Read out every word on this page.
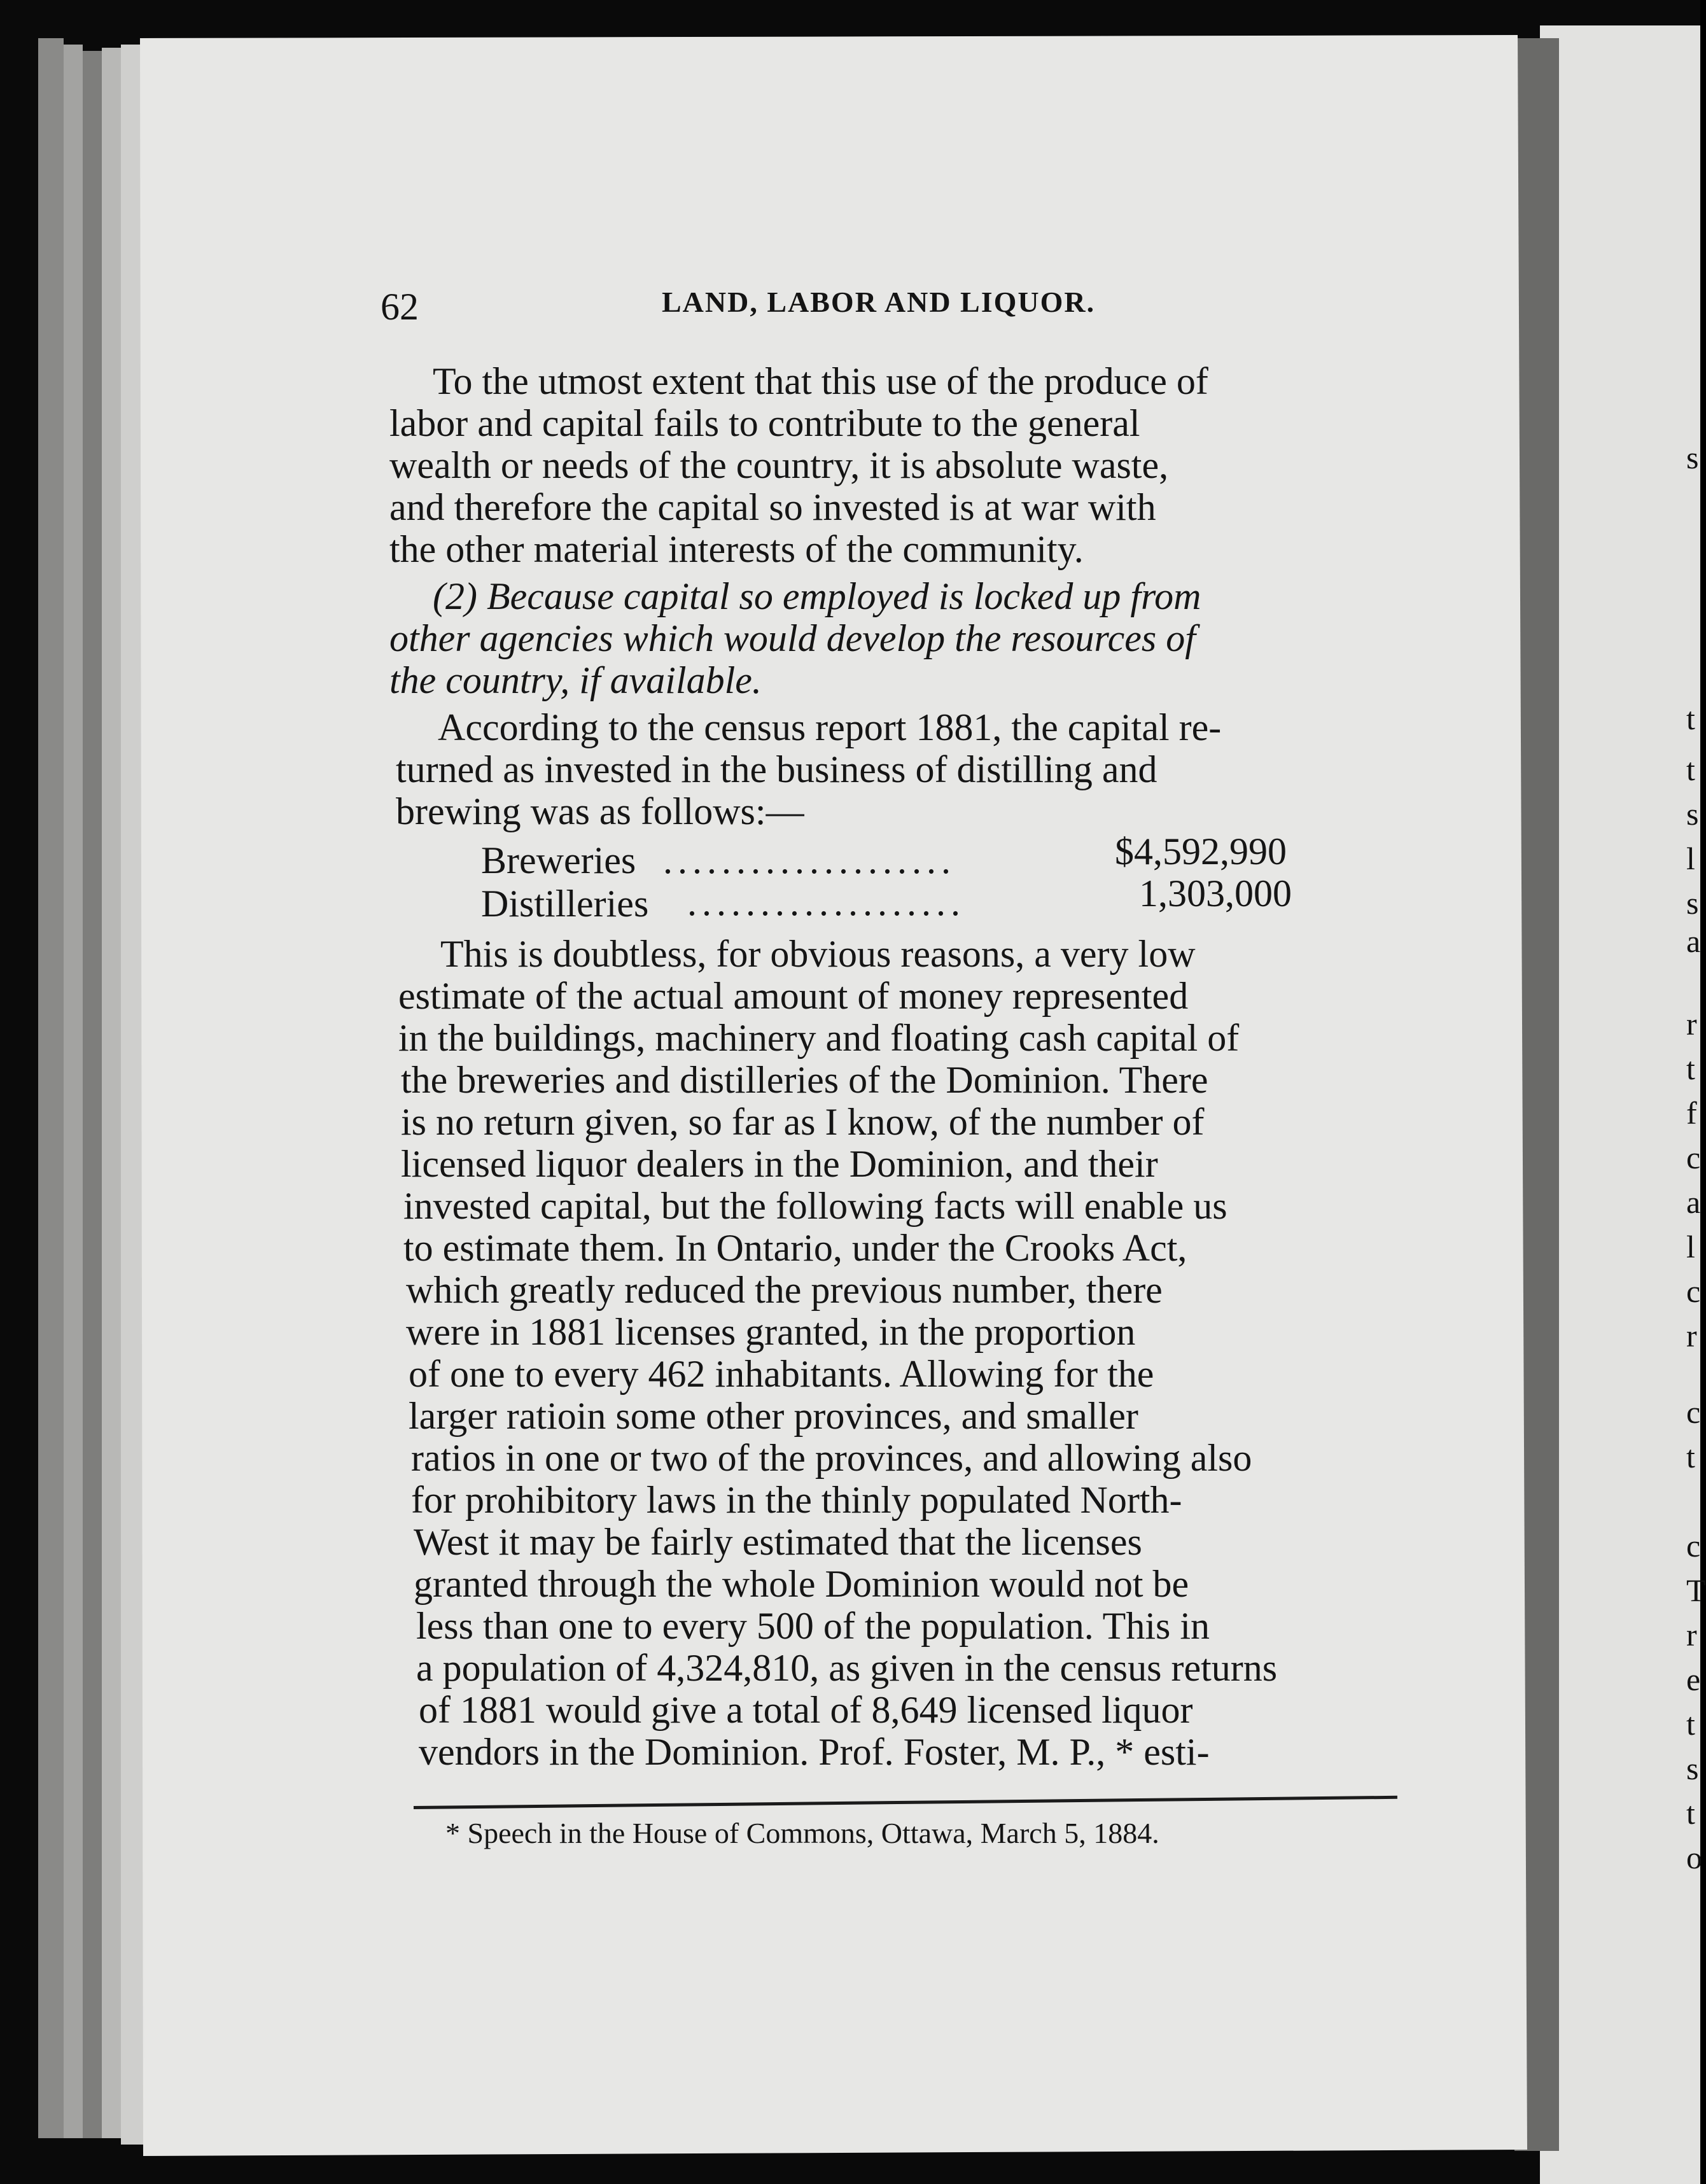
62	LAND, LABOR AND LIQUOR.
To the utmost extent that this use of the produce of
labor and capital fails to contribute to the general
wealth or needs of the country, it is absolute waste,
and therefore the capital so invested is at war with
the other material interests of the community.
(2) Because capital so employed is locked up from
other agencies which would develop the resources of
the country, if available.
According to the census report 1881, the capital re-
turned as invested in the business of distilling and
brewing was as follows:—
Breweries ....................	$4,592,990
Distilleries ...................	1,303,000
This is doubtless, for obvious reasons, a very low
estimate of the actual amount of money represented
in the buildings, machinery and floating cash capital of
the breweries and distilleries of the Dominion. There
is no return given, so far as I know, of the number of
licensed liquor dealers in the Dominion, and their
invested capital, but the following facts will enable us
to estimate them. In Ontario, under the Crooks Act,
which greatly reduced the previous number, there
were in 1881 licenses granted, in the proportion
of one to every 462 inhabitants. Allowing for the
larger ratioin some other provinces, and smaller
ratios in one or two of the provinces, and allowing also
for prohibitory laws in the thinly populated North-
West it may be fairly estimated that the licenses
granted through the whole Dominion would not be
less than one to every 500 of the population. This in
a population of 4,324,810, as given in the census returns
of 1881 would give a total of 8,649 licensed liquor
vendors in the Dominion. Prof. Foster, M. P., * esti-
* Speech in the House of Commons, Ottawa, March 5, 1884.
s
t
t
s
l
s
a
r
t
f
c
a
l
c
r
c
t
c
T
r
e
t
s
t
o
